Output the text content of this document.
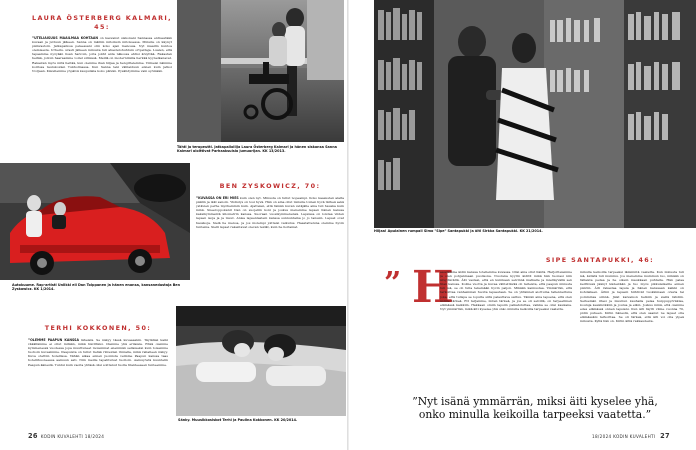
LAURA ÖSTERBERG KALMARI, 45:

”UTELIAISUUS MAAILMAA KOHTAAN on kasvanut siskonani Sannassa entisestään kuvaan ja juttuun jälkeen. Sanna on mällim mitoiksin mitoksessa. Minulle on käynyt päinvastoin. Jatkapallosa pelaessani olin koko ajan menossa. Nyt maailm kuntoa olemisesta. Urheilu- urasti jälkeen minusta tuli ahastetohuhtum ortpettaja. Lualen, että tapaamme nyöyään lisan harvoin, joita jokht aida näkossa ehtisi ärsyttää. Rakastan heitää, jolloin haaraamme voilet silmissä. Meillä on modernimilla herkkä kyynelkanavat. Rakastan myös mitä heitää, kun olemme ihan hiljaa ja hengittelemme. Viimeisi näimme koirissa taulukoiden Tukholmassa. Kun Sanna teki välilaiduun ennen kuin jatkoi Norjaan. Kävellemme yöpäivä kaupunkia koko päivän. Pysähdyimme vain syömään.

Tähti ja terapeutti. Jatkapalloilija Laura Österberg Kalmari ja hänen siskonsa Sanna Kalmari aloittivat Parhaaksuisia jumuarijan. KK 13/2013.
Autokuume. Rap-artisti Uniikki eli Dan Tolppanen ja hänen enonsa, kansanedustaja Ben Zyskowicz. KK 1/2014.
BEN ZYSKOWICZ, 70:

”KUVASSA ON ERI MIES kuin olen nyt. Minusta on tullut nopeampi. Koko kaasusten alalta päätin ja ikät sanoin. Yhdistys on tosi hyvä. Hän on aina ollut minulle toinen hyvä tärkeä sekä ystävien perhe myöhemmin kuin. Ajattelen, että tämän kuvan vetäjälle aina tuli hauska kuin minä. Sneeroppokanit Dan on suojeliin koni ja joskus menemme lapsen hänen kanssa kaksikymmentä kilometrin kanssa. Suoraan vuosikymmenensä. Lapsissa on loistaa viiden lapsen isoja ja ja muut. Anisa lapsenlasteni kanssa sunnuntaina jo jo tanssin. Lapset ovat hauskoja. Sielä he menoa, ja jos molempi joittaisi vaikutus. Haastatteluna olemme hyvin tuntema. Sielli lapset rakentavat olevan teidät, kuin he hoitamat.

TERHI KOKKONEN, 50:

”OLEMME PAAPUN KANSSA läheisiä. Se näkyy tässä kuvaaaskin. Täytätäsi kaiki väkällämme ei ollut mitään, mikä hävittäisi. Olemme yhä erilaisia. Ehkä olemme kymmenessä vuodessa jopa muuttuneet molemmat enemmän sellaiseksi kuin toisemme tuohoin kuvasimme. Paapuista on tullut tietää rinteiden rinnalla, mikä rahalleen näkyy. Kuva otettiin hotellissa. Vähän aikaa ennen juomista veimme Paapun kanssa taas hotellihuoneessa aamuun asti. Niin meille tapahtuivat tuolloin. Aamuyöstä kuuntelin Paapun äänestä. Tuntui kuin vaoita yhtäsä olisi soittanut tuolla tilanteeseen tunteemme.

Sänky. Muusikkosiskot Terhi ja Paulina Kokkonen. KK 20/2014.
26 KODIN KUVALEHTI 18/2024
Hiljaa! Apulainen rumpali Simo "Sipe" Santapukki ja äiti Sirkka Santapukki. KK 21/2014.
SIPE SANTAPUKKI, 46:
” H

aaudamme äidin kanssa totellemme kuvassa. Olisi aina ollut häntä. Harjoittelemme ja olen pohjanmaan puolisona. Nuorena kyyrin äiditit mikä hän tuonasi niin ärsyttävältä. Äiti vastasi, että en kuinkaan selvinnä matkalle ja mieltäyvällä sen tilan kanssa. Kolme vuotta ja kuvaa välitettävää oli taiteista, että paapun minusta tuli isä, se oli tulla tekemään hyvin paljon. Mikään kannustaa. Ymmärrän, että tarkoittaa vanhemman huolta lapsestaan. Se on yhtämieli aiottuina tallennettuna joka, että tulispa se lopulta siitä palauttava sattuu. Tämän aina lapsena, että olen äidille tärkeä. Ett tarjamme, miten tärkeä, ja jos se oli selvillä, on tarpeellinen elämässä kaikkiin. Hakkaan omiin lapsiin palkahduttaa, vaikka se olisi kaukana. Nyt ymmärrän, mikä äiti kyselee yhä onko minulla keikoilla tarpeeksi vaatetta.

minulla keikoilla tarpeeksi lämmintä vaatetta. Kun minusta tuli isä, äidistä tuli mummu. Jos menemme mummun luo, mikään on tällaista pedaa ja he oikein maukkaan puhtaita. Hän palaa keittiössä jäänyt kädestään ja tuo myös pikkuleikeille ennen päiviin. Äiti rakastaa lapsia ja hänen kanssaan kaikki on kohdalleen. Äitini ja lapseni hiihtivät tuokkimaan oravia tai pomminsa siinnä. Jäist kaivamon hetkiin ja siellä lähdiin. Seitsemän iltasi ja muuhun kauhalla pelaa huippupyöräkisa, kouluja kesämökkiin ja joulua ja eläin. Joskus minä, että olemme edes elämässä onnen lapsiani. Kun äiti täytti viime vuonna 70, pidin puheen. Kiitin hänestä, että olen saanut ne lapset olla elämässäni tarkoittaa. Se oli tärkeä, että äiti voi olla ylpeä minusta. Kyllä hän on. Kiitin äitiä rakkaudesta.

”Nyt isänä ymmärrän, miksi äiti kyselee yhä, onko minulla keikoilla tarpeeksi vaatetta.”
18/2024 KODIN KUVALEHTI 27
